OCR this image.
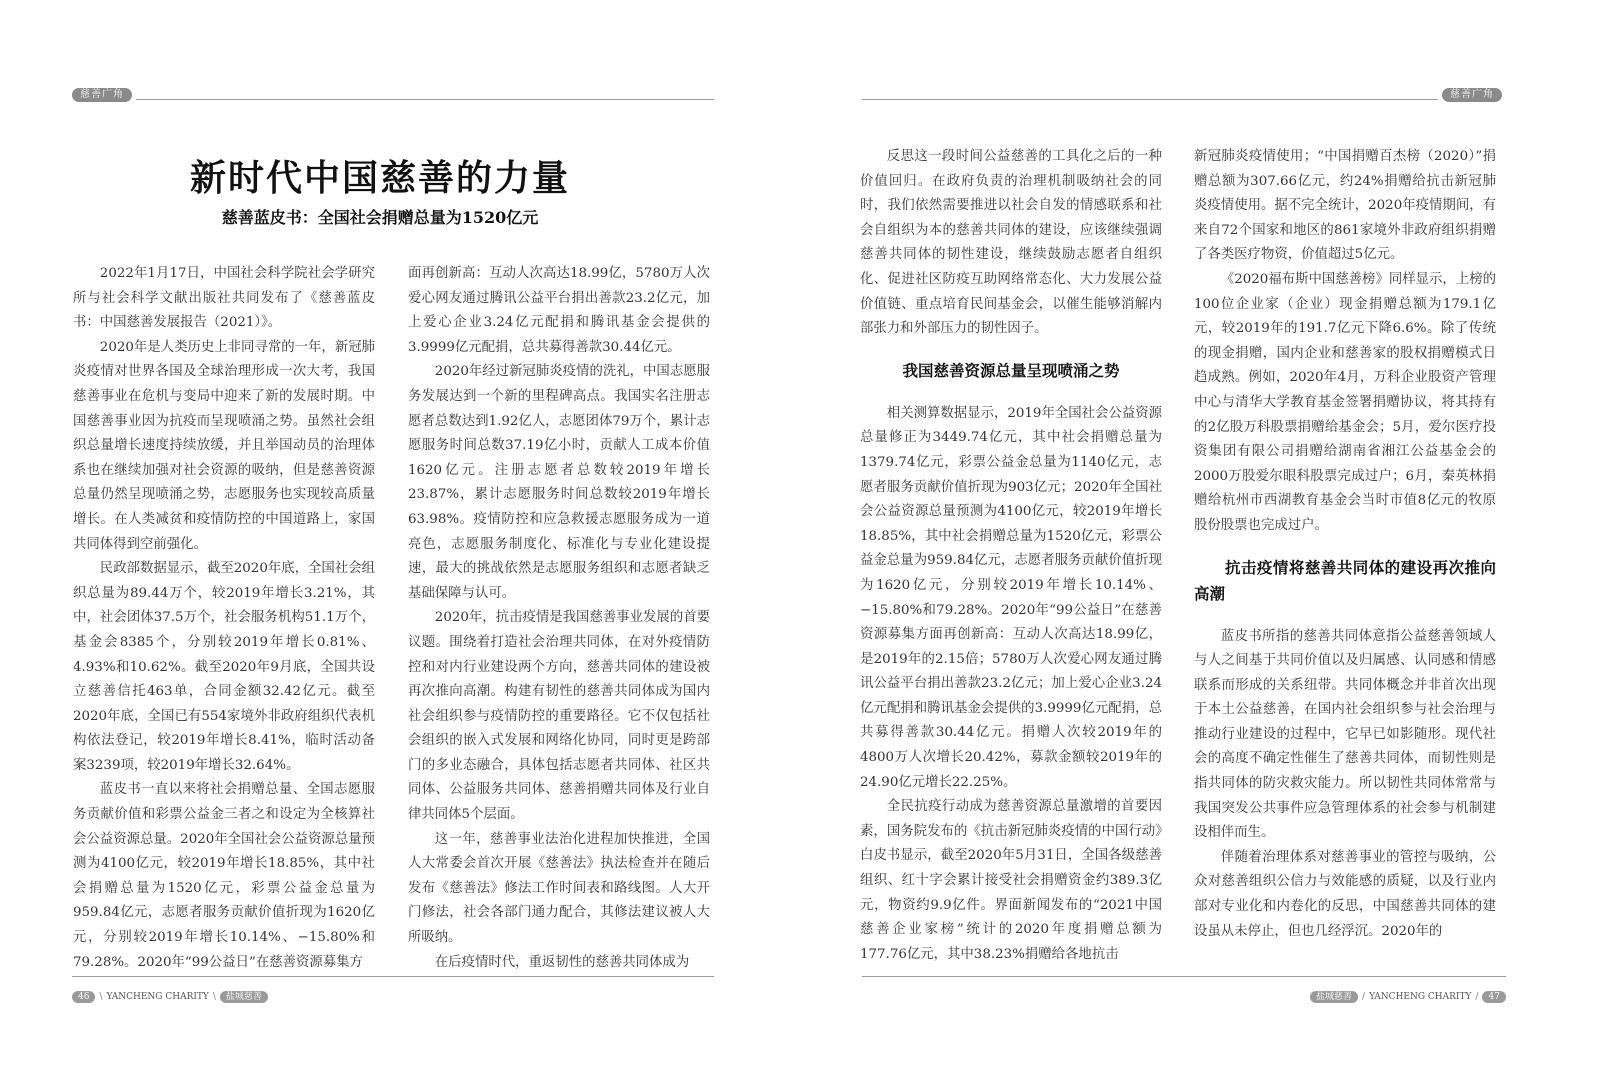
慈善广角
新时代中国慈善的力量
慈善蓝皮书：全国社会捐赠总量为1520亿元

2022年1月17日，中国社会科学院社会学研究所与社会科学文献出版社共同发布了《慈善蓝皮书：中国慈善发展报告（2021）》。

2020年是人类历史上非同寻常的一年，新冠肺炎疫情对世界各国及全球治理形成一次大考，我国慈善事业在危机与变局中迎来了新的发展时期。中国慈善事业因为抗疫而呈现喷涌之势。虽然社会组织总量增长速度持续放缓，并且举国动员的治理体系也在继续加强对社会资源的吸纳，但是慈善资源总量仍然呈现喷涌之势，志愿服务也实现较高质量增长。在人类减贫和疫情防控的中国道路上，家国共同体得到空前强化。

民政部数据显示，截至2020年底，全国社会组织总量为89.44万个，较2019年增长3.21%，其中，社会团体37.5万个，社会服务机构51.1万个，基金会8385个，分别较2019年增长0.81%、4.93%和10.62%。截至2020年9月底，全国共设立慈善信托463单，合同金额32.42亿元。截至2020年底，全国已有554家境外非政府组织代表机构依法登记，较2019年增长8.41%，临时活动备案3239项，较2019年增长32.64%。

蓝皮书一直以来将社会捐赠总量、全国志愿服务贡献价值和彩票公益金三者之和设定为全核算社会公益资源总量。2020年全国社会公益资源总量预测为4100亿元，较2019年增长18.85%，其中社会捐赠总量为1520亿元，彩票公益金总量为959.84亿元，志愿者服务贡献价值折现为1620亿元，分别较2019年增长10.14%、−15.80%和79.28%。2020年“99公益日”在慈善资源募集方

面再创新高：互动人次高达18.99亿，5780万人次爱心网友通过腾讯公益平台捐出善款23.2亿元，加上爱心企业3.24亿元配捐和腾讯基金会提供的3.9999亿元配捐，总共募得善款30.44亿元。

2020年经过新冠肺炎疫情的洗礼，中国志愿服务发展达到一个新的里程碑高点。我国实名注册志愿者总数达到1.92亿人，志愿团体79万个，累计志愿服务时间总数37.19亿小时，贡献人工成本价值1620亿元。注册志愿者总数较2019年增长23.87%，累计志愿服务时间总数较2019年增长63.98%。疫情防控和应急救援志愿服务成为一道亮色，志愿服务制度化、标准化与专业化建设提速，最大的挑战依然是志愿服务组织和志愿者缺乏基础保障与认可。

2020年，抗击疫情是我国慈善事业发展的首要议题。围绕着打造社会治理共同体，在对外疫情防控和对内行业建设两个方向，慈善共同体的建设被再次推向高潮。构建有韧性的慈善共同体成为国内社会组织参与疫情防控的重要路径。它不仅包括社会组织的嵌入式发展和网络化协同，同时更是跨部门的多业态融合，具体包括志愿者共同体、社区共同体、公益服务共同体、慈善捐赠共同体及行业自律共同体5个层面。

这一年，慈善事业法治化进程加快推进，全国人大常委会首次开展《慈善法》执法检查并在随后发布《慈善法》修法工作时间表和路线图。人大开门修法，社会各部门通力配合，其修法建议被人大所吸纳。

在后疫情时代，重返韧性的慈善共同体成为

46	\ YANCHENG CHARITY \	盐城慈善
慈善广角

反思这一段时间公益慈善的工具化之后的一种价值回归。在政府负责的治理机制吸纳社会的同时，我们依然需要推进以社会自发的情感联系和社会自组织为本的慈善共同体的建设，应该继续强调慈善共同体的韧性建设，继续鼓励志愿者自组织化、促进社区防疫互助网络常态化、大力发展公益价值链、重点培育民间基金会，以催生能够消解内部张力和外部压力的韧性因子。

我国慈善资源总量呈现喷涌之势

相关测算数据显示，2019年全国社会公益资源总量修正为3449.74亿元，其中社会捐赠总量为1379.74亿元，彩票公益金总量为1140亿元，志愿者服务贡献价值折现为903亿元；2020年全国社会公益资源总量预测为4100亿元，较2019年增长18.85%，其中社会捐赠总量为1520亿元，彩票公益金总量为959.84亿元，志愿者服务贡献价值折现为1620亿元，分别较2019年增长10.14%、−15.80%和79.28%。2020年“99公益日”在慈善资源募集方面再创新高：互动人次高达18.99亿，是2019年的2.15倍；5780万人次爱心网友通过腾讯公益平台捐出善款23.2亿元；加上爱心企业3.24亿元配捐和腾讯基金会提供的3.9999亿元配捐，总共募得善款30.44亿元。捐赠人次较2019年的4800万人次增长20.42%，募款金额较2019年的24.90亿元增长22.25%。

全民抗疫行动成为慈善资源总量激增的首要因素，国务院发布的《抗击新冠肺炎疫情的中国行动》白皮书显示，截至2020年5月31日，全国各级慈善组织、红十字会累计接受社会捐赠资金约389.3亿元，物资约9.9亿件。界面新闻发布的“2021中国慈善企业家榜”统计的2020年度捐赠总额为177.76亿元，其中38.23%捐赠给各地抗击

新冠肺炎疫情使用；“中国捐赠百杰榜（2020）”捐赠总额为307.66亿元，约24%捐赠给抗击新冠肺炎疫情使用。据不完全统计，2020年疫情期间，有来自72个国家和地区的861家境外非政府组织捐赠了各类医疗物资，价值超过5亿元。

《2020福布斯中国慈善榜》同样显示，上榜的100位企业家（企业）现金捐赠总额为179.1亿元，较2019年的191.7亿元下降6.6%。除了传统的现金捐赠，国内企业和慈善家的股权捐赠模式日趋成熟。例如，2020年4月，万科企业股资产管理中心与清华大学教育基金签署捐赠协议，将其持有的2亿股万科股票捐赠给基金会；5月，爱尔医疗投资集团有限公司捐赠给湖南省湘江公益基金会的2000万股爱尔眼科股票完成过户；6月，秦英林捐赠给杭州市西湖教育基金会当时市值8亿元的牧原股份股票也完成过户。

抗击疫情将慈善共同体的建设再次推向高潮

蓝皮书所指的慈善共同体意指公益慈善领域人与人之间基于共同价值以及归属感、认同感和情感联系而形成的关系纽带。共同体概念并非首次出现于本土公益慈善，在国内社会组织参与社会治理与推动行业建设的过程中，它早已如影随形。现代社会的高度不确定性催生了慈善共同体，而韧性则是指共同体的防灾救灾能力。所以韧性共同体常常与我国突发公共事件应急管理体系的社会参与机制建设相伴而生。

伴随着治理体系对慈善事业的管控与吸纳，公众对慈善组织公信力与效能感的质疑，以及行业内部对专业化和内卷化的反思，中国慈善共同体的建设虽从未停止，但也几经浮沉。2020年的

盐城慈善	/ YANCHENG CHARITY /	47
